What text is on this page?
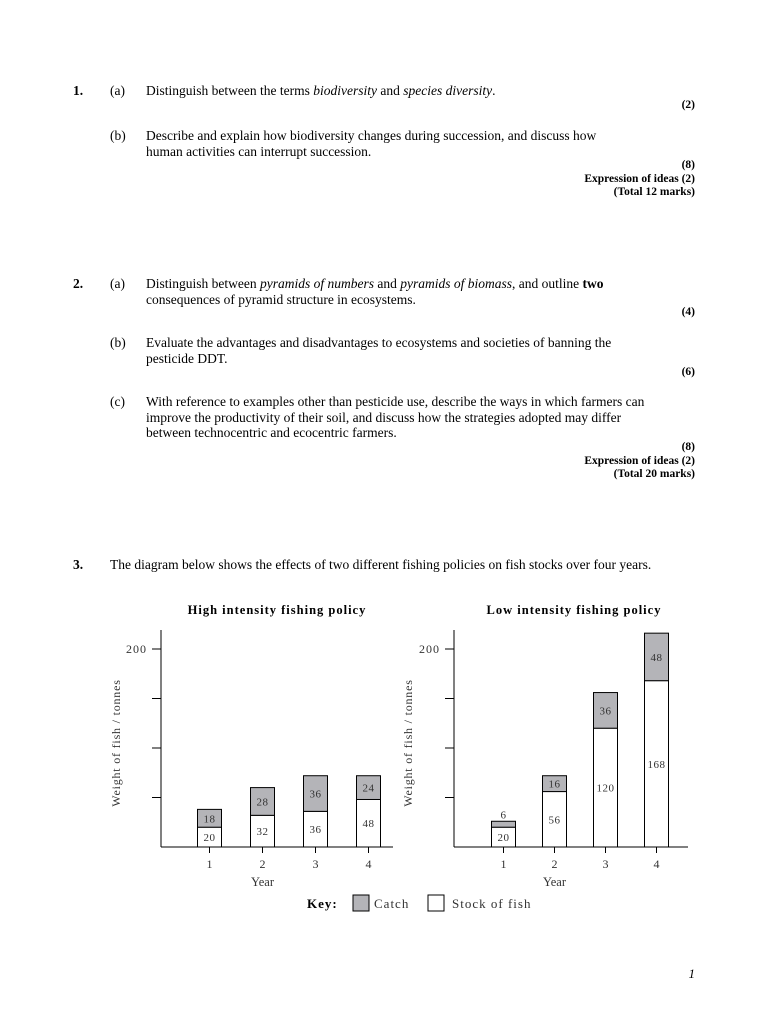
1. (a) Distinguish between the terms biodiversity and species diversity.
(2)
(b) Describe and explain how biodiversity changes during succession, and discuss how human activities can interrupt succession.
(8)
Expression of ideas (2)
(Total 12 marks)
2. (a) Distinguish between pyramids of numbers and pyramids of biomass, and outline two consequences of pyramid structure in ecosystems.
(4)
(b) Evaluate the advantages and disadvantages to ecosystems and societies of banning the pesticide DDT.
(6)
(c) With reference to examples other than pesticide use, describe the ways in which farmers can improve the productivity of their soil, and discuss how the strategies adopted may differ between technocentric and ecocentric farmers.
(8)
Expression of ideas (2)
(Total 20 marks)
3. The diagram below shows the effects of two different fishing policies on fish stocks over four years.
High intensity fishing policy
200
Weight of fish / tonnes
20
18
1
32
28
2
36
36
3
48
24
4
Year
Low intensity fishing policy
200
Weight of fish / tonnes
20
6
1
56
16
2
120
36
3
168
48
4
Year
Key:	Catch	Stock of fish
1
